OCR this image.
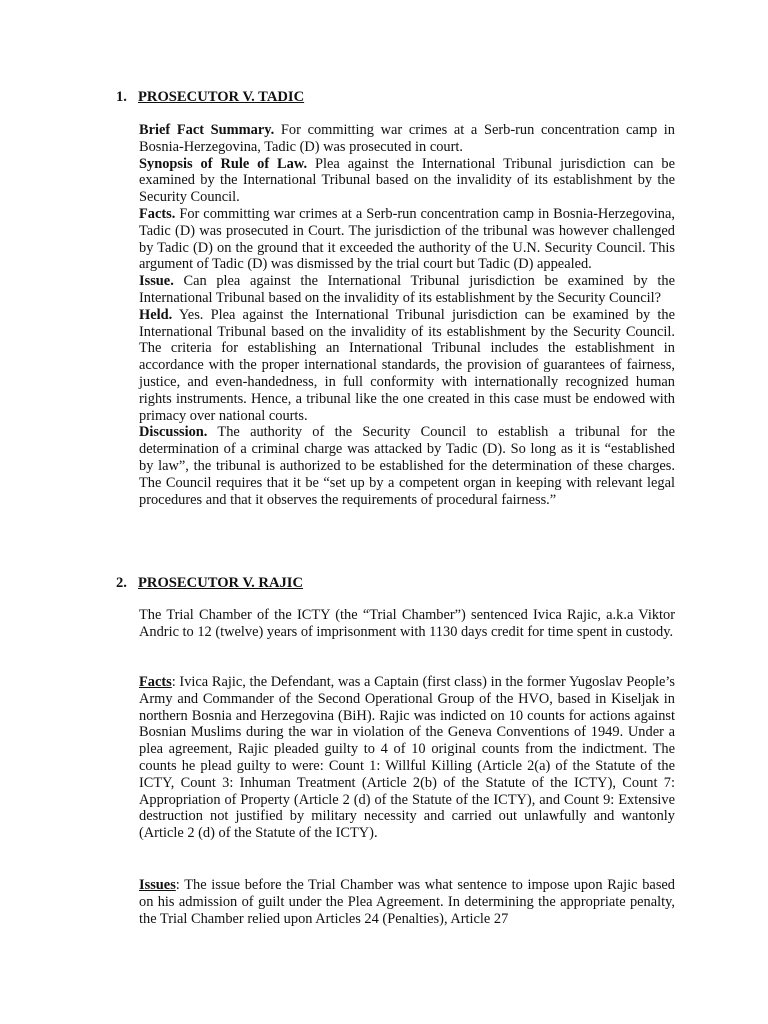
1. PROSECUTOR V. TADIC

Brief Fact Summary. For committing war crimes at a Serb-run concentration camp in Bosnia-Herzegovina, Tadic (D) was prosecuted in court.

Synopsis of Rule of Law. Plea against the International Tribunal jurisdiction can be examined by the International Tribunal based on the invalidity of its establishment by the Security Council.

Facts. For committing war crimes at a Serb-run concentration camp in Bosnia-Herzegovina, Tadic (D) was prosecuted in Court. The jurisdiction of the tribunal was however challenged by Tadic (D) on the ground that it exceeded the authority of the U.N. Security Council. This argument of Tadic (D) was dismissed by the trial court but Tadic (D) appealed.

Issue. Can plea against the International Tribunal jurisdiction be examined by the International Tribunal based on the invalidity of its establishment by the Security Council?

Held. Yes. Plea against the International Tribunal jurisdiction can be examined by the International Tribunal based on the invalidity of its establishment by the Security Council. The criteria for establishing an International Tribunal includes the establishment in accordance with the proper international standards, the provision of guarantees of fairness, justice, and even-handedness, in full conformity with internationally recognized human rights instruments. Hence, a tribunal like the one created in this case must be endowed with primacy over national courts.

Discussion. The authority of the Security Council to establish a tribunal for the determination of a criminal charge was attacked by Tadic (D). So long as it is “established by law”, the tribunal is authorized to be established for the determination of these charges. The Council requires that it be “set up by a competent organ in keeping with relevant legal procedures and that it observes the requirements of procedural fairness.”

2. PROSECUTOR V. RAJIC

The Trial Chamber of the ICTY (the “Trial Chamber”) sentenced Ivica Rajic, a.k.a Viktor Andric to 12 (twelve) years of imprisonment with 1130 days credit for time spent in custody.

Facts: Ivica Rajic, the Defendant, was a Captain (first class) in the former Yugoslav People’s Army and Commander of the Second Operational Group of the HVO, based in Kiseljak in northern Bosnia and Herzegovina (BiH). Rajic was indicted on 10 counts for actions against Bosnian Muslims during the war in violation of the Geneva Conventions of 1949. Under a plea agreement, Rajic pleaded guilty to 4 of 10 original counts from the indictment. The counts he plead guilty to were: Count 1: Willful Killing (Article 2(a) of the Statute of the ICTY, Count 3: Inhuman Treatment (Article 2(b) of the Statute of the ICTY), Count 7: Appropriation of Property (Article 2 (d) of the Statute of the ICTY), and Count 9: Extensive destruction not justified by military necessity and carried out unlawfully and wantonly (Article 2 (d) of the Statute of the ICTY).

Issues: The issue before the Trial Chamber was what sentence to impose upon Rajic based on his admission of guilt under the Plea Agreement. In determining the appropriate penalty, the Trial Chamber relied upon Articles 24 (Penalties), Article 27
